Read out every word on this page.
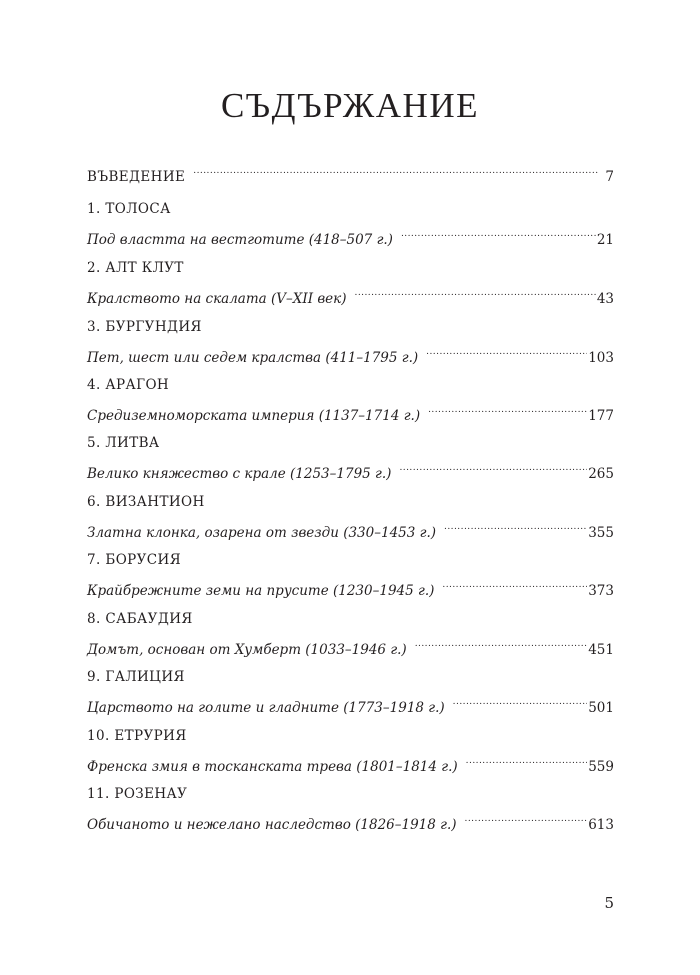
СЪДЪРЖАНИЕ
ВЪВЕДЕНИЕ . . .	7
1. ТОЛОСА
Под властта на вестготите (418–507 г.) . . .	21
2. АЛТ КЛУТ
Кралството на скалата (V–XII век) . . .	43
3. БУРГУНДИЯ
Пет, шест или седем кралства (411–1795 г.) . . .	103
4. АРАГОН
Средиземноморската империя (1137–1714 г.) . . .	177
5. ЛИТВА
Велико княжество с крале (1253–1795 г.) . . .	265
6. ВИЗАНТИОН
Златна клонка, озарена от звезди (330–1453 г.) . . .	355
7. БОРУСИЯ
Крайбрежните земи на прусите (1230–1945 г.) . . .	373
8. САБАУДИЯ
Домът, основан от Хумберт (1033–1946 г.) . . .	451
9. ГАЛИЦИЯ
Царството на голите и гладните (1773–1918 г.) . . .	501
10. ЕТРУРИЯ
Френска змия в тосканската трева (1801–1814 г.) . . .	559
11. РОЗЕНАУ
Обичаното и нежелано наследство (1826–1918 г.) . . .	613
5
